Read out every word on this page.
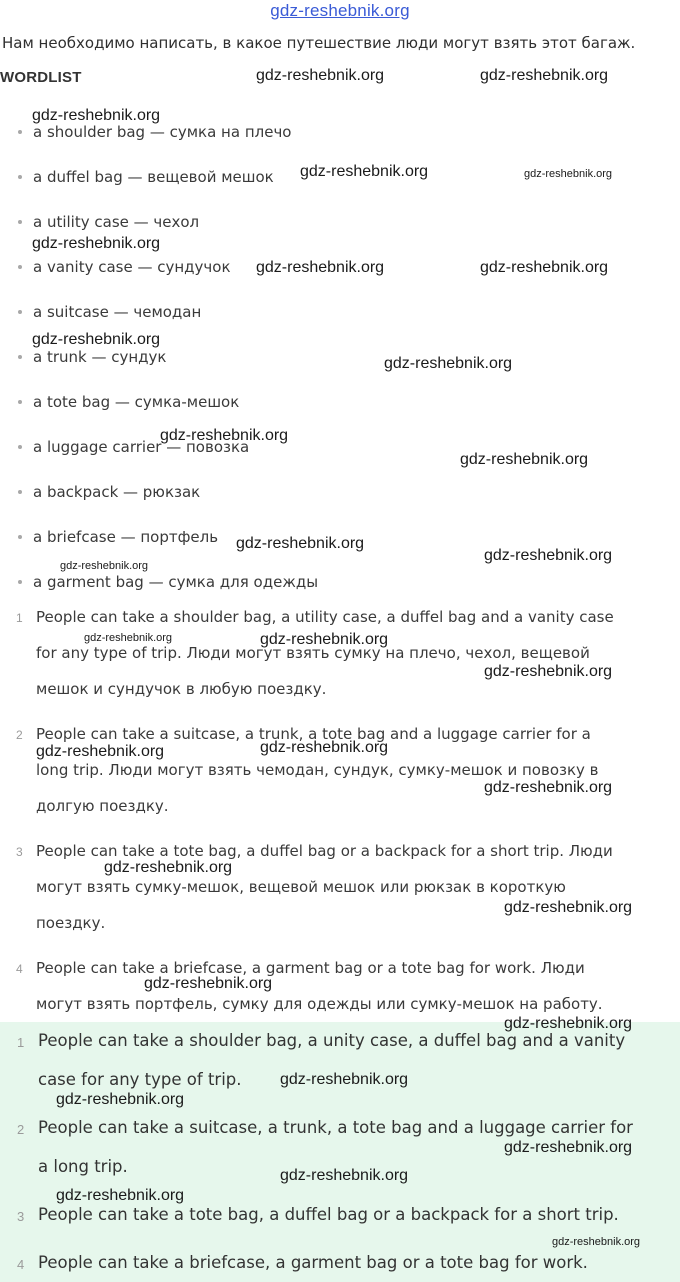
gdz-reshebnik.org
Нам необходимо написать, в какое путешествие люди могут взять этот багаж.
WORDLIST
a shoulder bag — сумка на плечо
a duffel bag — вещевой мешок
a utility case — чехол
a vanity case — сундучок
a suitcase — чемодан
a trunk — сундук
a tote bag — сумка-мешок
a luggage carrier — повозка
a backpack — рюкзак
a briefcase — портфель
a garment bag — сумка для одежды
1 People can take a shoulder bag, a utility case, a duffel bag and a vanity case
for any type of trip. Люди могут взять сумку на плечо, чехол, вещевой
мешок и сундучок в любую поездку.
2 People can take a suitcase, a trunk, a tote bag and a luggage carrier for a
long trip. Люди могут взять чемодан, сундук, сумку-мешок и повозку в
долгую поездку.
3 People can take a tote bag, a duffel bag or a backpack for a short trip. Люди
могут взять сумку-мешок, вещевой мешок или рюкзак в короткую
поездку.
4 People can take a briefcase, a garment bag or a tote bag for work. Люди
могут взять портфель, сумку для одежды или сумку-мешок на работу.
1 People can take a shoulder bag, a unity case, a duffel bag and a vanity
case for any type of trip.
2 People can take a suitcase, a trunk, a tote bag and a luggage carrier for
a long trip.
3 People can take a tote bag, a duffel bag or a backpack for a short trip.
4 People can take a briefcase, a garment bag or a tote bag for work.
gdz-reshebnik.org	gdz-reshebnik.org
gdz-reshebnik.org
gdz-reshebnik.org	gdz-reshebnik.org
gdz-reshebnik.org
gdz-reshebnik.org	gdz-reshebnik.org
gdz-reshebnik.org
gdz-reshebnik.org
gdz-reshebnik.org
gdz-reshebnik.org
gdz-reshebnik.org
gdz-reshebnik.org
gdz-reshebnik.org
gdz-reshebnik.org	gdz-reshebnik.org
gdz-reshebnik.org
gdz-reshebnik.org
gdz-reshebnik.org
gdz-reshebnik.org
gdz-reshebnik.org
gdz-reshebnik.org
gdz-reshebnik.org
gdz-reshebnik.org
gdz-reshebnik.org
gdz-reshebnik.org
gdz-reshebnik.org
gdz-reshebnik.org
gdz-reshebnik.org
gdz-reshebnik.org
